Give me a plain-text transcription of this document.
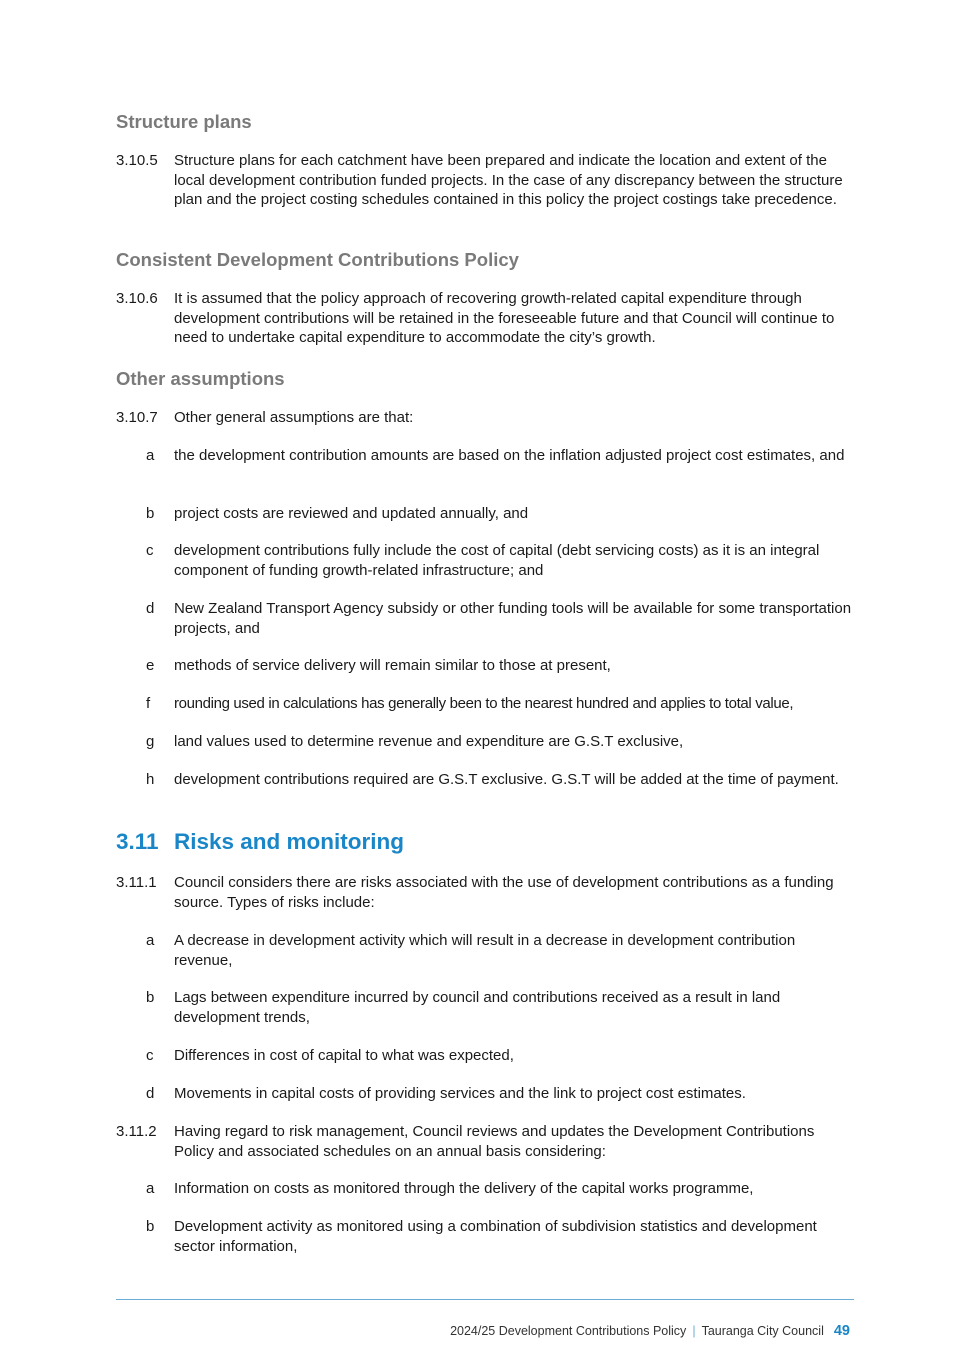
Structure plans
3.10.5 Structure plans for each catchment have been prepared and indicate the location and extent of the local development contribution funded projects. In the case of any discrepancy between the structure plan and the project costing schedules contained in this policy the project costings take precedence.
Consistent Development Contributions Policy
3.10.6 It is assumed that the policy approach of recovering growth-related capital expenditure through development contributions will be retained in the foreseeable future and that Council will continue to need to undertake capital expenditure to accommodate the city’s growth.
Other assumptions
3.10.7 Other general assumptions are that:
a the development contribution amounts are based on the inflation adjusted project cost estimates, and
b project costs are reviewed and updated annually, and
c development contributions fully include the cost of capital (debt servicing costs) as it is an integral component of funding growth-related infrastructure; and
d New Zealand Transport Agency subsidy or other funding tools will be available for some transportation projects, and
e methods of service delivery will remain similar to those at present,
f rounding used in calculations has generally been to the nearest hundred and applies to total value,
g land values used to determine revenue and expenditure are G.S.T exclusive,
h development contributions required are G.S.T exclusive. G.S.T will be added at the time of payment.
3.11 Risks and monitoring
3.11.1 Council considers there are risks associated with the use of development contributions as a funding source. Types of risks include:
a A decrease in development activity which will result in a decrease in development contribution revenue,
b Lags between expenditure incurred by council and contributions received as a result in land development trends,
c Differences in cost of capital to what was expected,
d Movements in capital costs of providing services and the link to project cost estimates.
3.11.2 Having regard to risk management, Council reviews and updates the Development Contributions Policy and associated schedules on an annual basis considering:
a Information on costs as monitored through the delivery of the capital works programme,
b Development activity as monitored using a combination of subdivision statistics and development sector information,
2024/25 Development Contributions Policy | Tauranga City Council 49
